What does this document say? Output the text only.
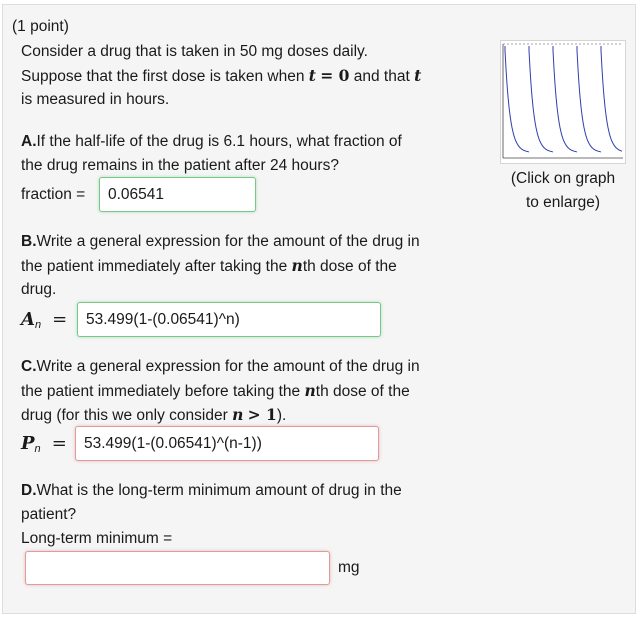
(1 point)
Consider a drug that is taken in 50 mg doses daily.
Suppose that the first dose is taken when t = 0 and that t
is measured in hours.
(Click on graph
to enlarge)
A.If the half-life of the drug is 6.1 hours, what fraction of
the drug remains in the patient after 24 hours?
fraction =	0.06541
B.Write a general expression for the amount of the drug in
the patient immediately after taking the nth dose of the
drug.
An =	53.499(1-(0.06541)^n)
C.Write a general expression for the amount of the drug in
the patient immediately before taking the nth dose of the
drug (for this we only consider n > 1).
Pn =	53.499(1-(0.06541)^(n-1))
D.What is the long-term minimum amount of drug in the
patient?
Long-term minimum =
mg
